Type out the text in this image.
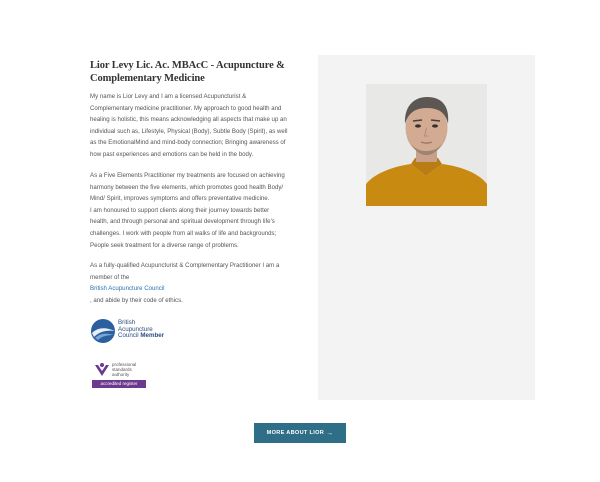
Lior Levy Lic. Ac. MBAcC - Acupuncture & Complementary Medicine

My name is Lior Levy and I am a licensed Acupuncturist &
Complementary medicine practitioner. My approach to good health and
healing is holistic, this means acknowledging all aspects that make up an
individual such as, Lifestyle, Physical (Body), Subtle Body (Spirit), as well
as the EmotionalMind and mind-body connection; Bringing awareness of
how past experiences and emotions can be held in the body.

As a Five Elements Practitioner my treatments are focused on achieving
harmony between the five elements, which promotes good health Body/
Mind/ Spirit, improves symptoms and offers preventative medicine.
I am honoured to support clients along their journey towards better
health, and through personal and spiritual development through life's
challenges. I work with people from all walks of life and backgrounds;
People seek treatment for a diverse range of problems.

As a fully-qualified Acupuncturist & Complementary Practitioner I am a
member of the
British Acupuncture Council
, and abide by their code of ethics.

British
Acupuncture
Council Member
professional
standards
authority
accredited register
MORE ABOUT LIOR →
